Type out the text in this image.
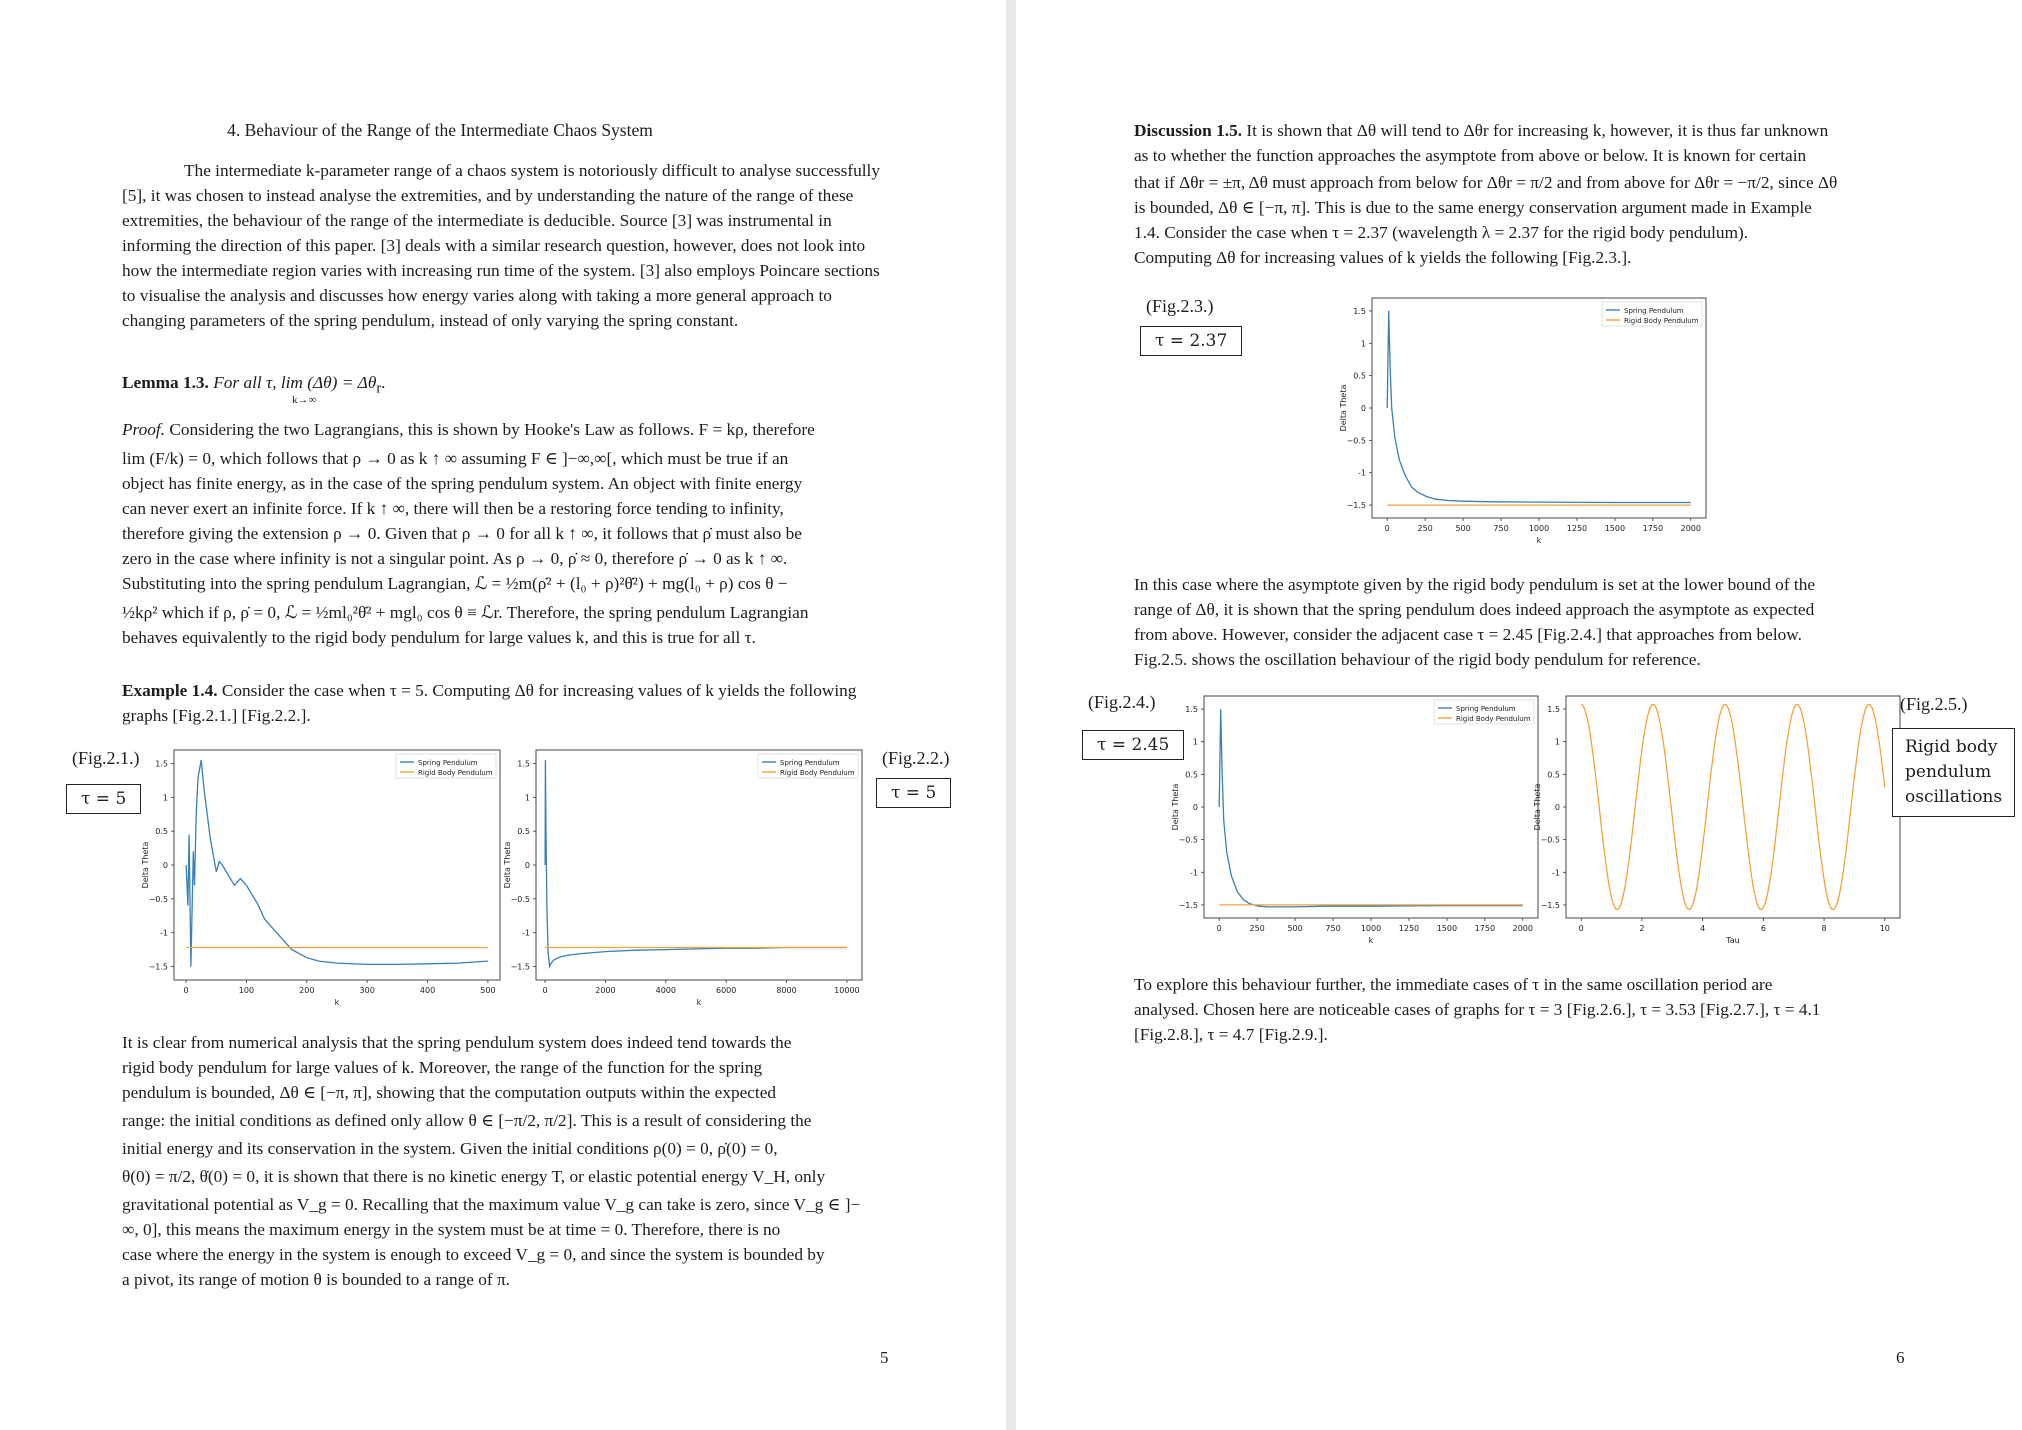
4. Behaviour of the Range of the Intermediate Chaos System
The intermediate k-parameter range of a chaos system is notoriously difficult to analyse successfully [5], it was chosen to instead analyse the extremities, and by understanding the nature of the range of these extremities, the behaviour of the range of the intermediate is deducible. Source [3] was instrumental in informing the direction of this paper. [3] deals with a similar research question, however, does not look into how the intermediate region varies with increasing run time of the system. [3] also employs Poincare sections to visualise the analysis and discusses how energy varies along with taking a more general approach to changing parameters of the spring pendulum, instead of only varying the spring constant.
Lemma 1.3. For all τ, $\lim (\Delta\theta) = \Delta\theta_r$.
k→∞

Proof. Considering the two Lagrangians, this is shown by Hooke's Law as follows. F = kρ, therefore

lim (F/k) = 0, which follows that ρ → 0 as k ↑ ∞ assuming F ∈ ]−∞,∞[, which must be true if an

object has finite energy, as in the case of the spring pendulum system. An object with finite energy

can never exert an infinite force. If k ↑ ∞, there will then be a restoring force tending to infinity,

therefore giving the extension ρ → 0. Given that ρ → 0 for all k ↑ ∞, it follows that ρ̇ must also be

zero in the case where infinity is not a singular point. As ρ → 0, ρ̇ ≈ 0, therefore ρ̇ → 0 as k ↑ ∞.

Substituting into the spring pendulum Lagrangian, ℒ = ½m(ρ̇² + (l₀ + ρ)²θ̇²) + mg(l₀ + ρ) cos θ −

½kρ² which if ρ, ρ̇ = 0, ℒ = ½ml₀²θ̇² + mgl₀ cos θ ≡ ℒr. Therefore, the spring pendulum Lagrangian

behaves equivalently to the rigid body pendulum for large values k, and this is true for all τ.

Example 1.4. Consider the case when τ = 5. Computing Δθ for increasing values of k yields the following graphs [Fig.2.1.] [Fig.2.2.].
(Fig.2.1.)
τ = 5
−1.5
-1
−0.5
0
0.5
1
1.5
0	100	200	300	400	500
k
Delta Theta
Spring Pendulum
Rigid Body Pendulum
−1.5
-1
−0.5
0
0.5
1
1.5
0	2000	4000	6000	8000	10000
k
Delta Theta
Spring Pendulum
Rigid Body Pendulum
(Fig.2.2.)
τ = 5

It is clear from numerical analysis that the spring pendulum system does indeed tend towards the

rigid body pendulum for large values of k. Moreover, the range of the function for the spring

pendulum is bounded, Δθ ∈ [−π, π], showing that the computation outputs within the expected

range: the initial conditions as defined only allow θ ∈ [−π/2, π/2]. This is a result of considering the

initial energy and its conservation in the system. Given the initial conditions ρ(0) = 0, ρ̇(0) = 0,

θ(0) = π/2, θ̇(0) = 0, it is shown that there is no kinetic energy T, or elastic potential energy V_H, only

gravitational potential as V_g = 0. Recalling that the maximum value V_g can take is zero, since V_g ∈ ]−

∞, 0], this means the maximum energy in the system must be at time = 0. Therefore, there is no

case where the energy in the system is enough to exceed V_g = 0, and since the system is bounded by

a pivot, its range of motion θ is bounded to a range of π.

5

Discussion 1.5. It is shown that Δθ will tend to Δθr for increasing k, however, it is thus far unknown

as to whether the function approaches the asymptote from above or below. It is known for certain

that if Δθr = ±π, Δθ must approach from below for Δθr = π/2 and from above for Δθr = −π/2, since Δθ

is bounded, Δθ ∈ [−π, π]. This is due to the same energy conservation argument made in Example

1.4. Consider the case when τ = 2.37 (wavelength λ = 2.37 for the rigid body pendulum).

Computing Δθ for increasing values of k yields the following [Fig.2.3.].

(Fig.2.3.)
τ = 2.37
−1.5
-1
−0.5
0
0.5
1
1.5
0	250	500	750	1000 1250 1500 1750 2000
k
Delta Theta
Spring Pendulum
Rigid Body Pendulum

In this case where the asymptote given by the rigid body pendulum is set at the lower bound of the

range of Δθ, it is shown that the spring pendulum does indeed approach the asymptote as expected

from above. However, consider the adjacent case τ = 2.45 [Fig.2.4.] that approaches from below.

Fig.2.5. shows the oscillation behaviour of the rigid body pendulum for reference.

(Fig.2.4.)
τ = 2.45
−1.5
-1
−0.5
0
0.5
1
1.5
0	250	500	750	1000 1250 1500 1750 2000
k
Delta Theta
Spring Pendulum
Rigid Body Pendulum
−1.5
-1
−0.5
0
0.5
1
1.5
0	2	4	6	8	10
Tau
Delta Theta
(Fig.2.5.)
Rigid body
pendulum
oscillations

To explore this behaviour further, the immediate cases of τ in the same oscillation period are

analysed. Chosen here are noticeable cases of graphs for τ = 3 [Fig.2.6.], τ = 3.53 [Fig.2.7.], τ = 4.1

[Fig.2.8.], τ = 4.7 [Fig.2.9.].

6
